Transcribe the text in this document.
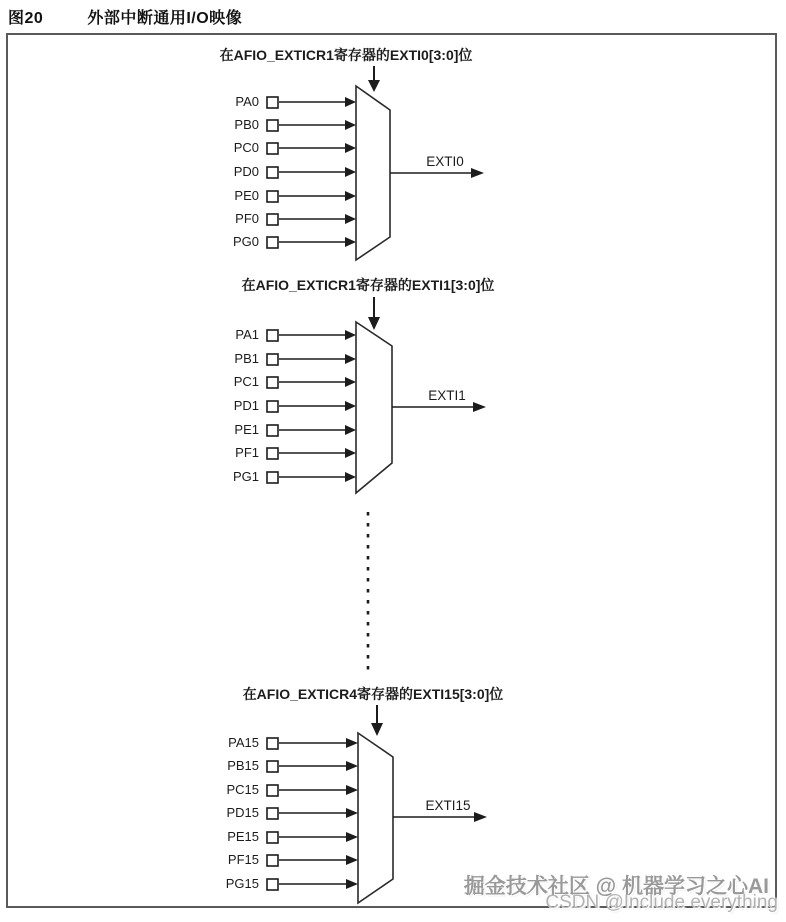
图20	外部中断通用I/O映像
在AFIO_EXTICR1寄存器的EXTI0[3:0]位
PA0
PB0
PC0
PD0
PE0
PF0
PG0
EXTI0
在AFIO_EXTICR1寄存器的EXTI1[3:0]位
PA1
PB1
PC1
PD1
PE1
PF1
PG1
EXTI1
在AFIO_EXTICR4寄存器的EXTI15[3:0]位
PA15
PB15
PC15
PD15
PE15
PF15
PG15
EXTI15
掘金技术社区 @ 机器学习之心AI
CSDN @Include everything
